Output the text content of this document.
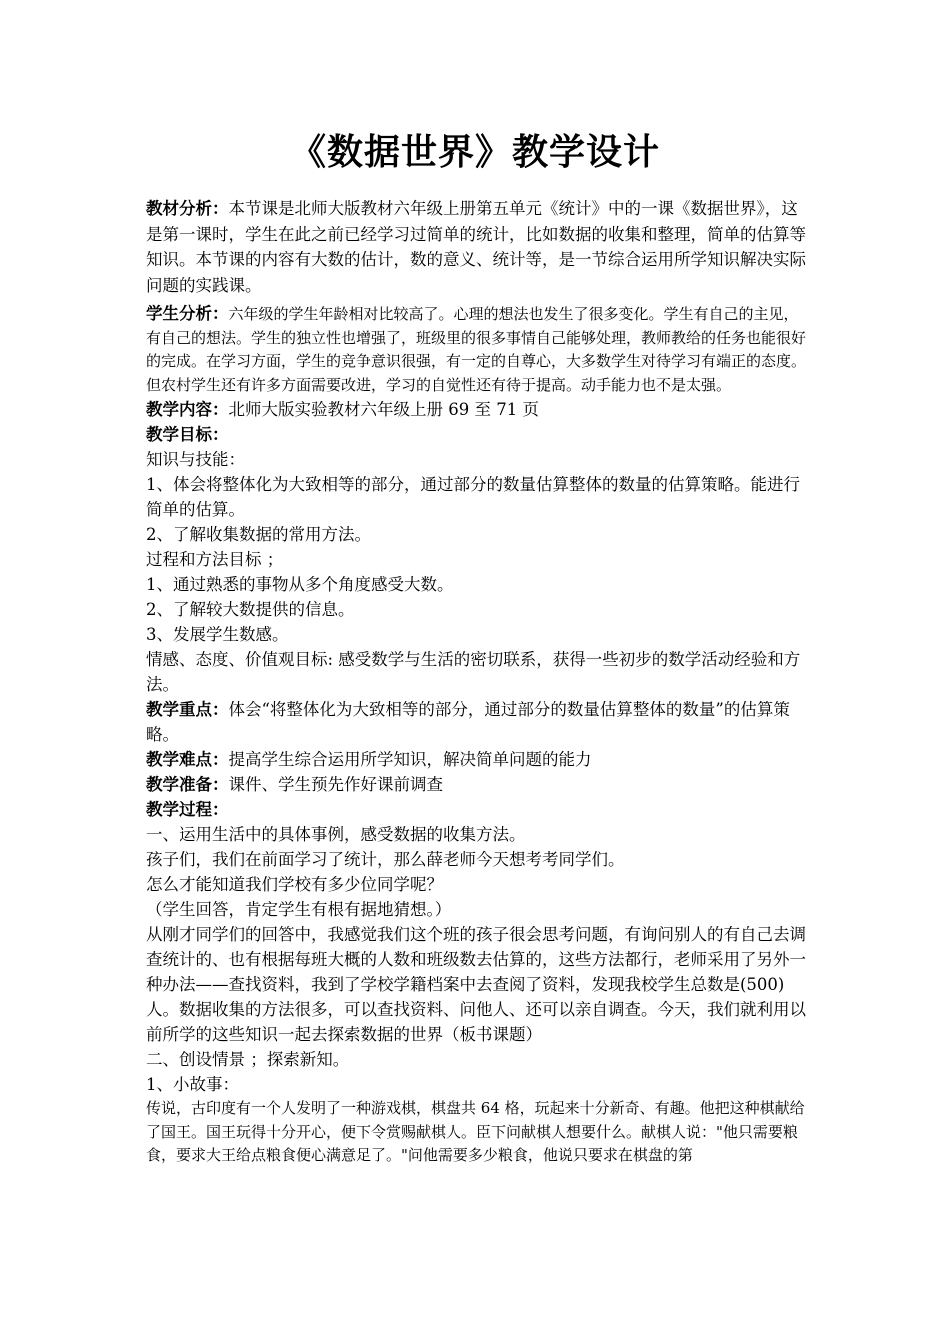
《数据世界》教学设计

教材分析：本节课是北师大版教材六年级上册第五单元《统计》中的一课《数据世界》，这是第一课时，学生在此之前已经学习过简单的统计，比如数据的收集和整理，简单的估算等知识。本节课的内容有大数的估计，数的意义、统计等，是一节综合运用所学知识解决实际问题的实践课。

学生分析：六年级的学生年龄相对比较高了。心理的想法也发生了很多变化。学生有自己的主见，有自己的想法。学生的独立性也增强了，班级里的很多事情自己能够处理，教师教给的任务也能很好的完成。在学习方面，学生的竞争意识很强，有一定的自尊心，大多数学生对待学习有端正的态度。但农村学生还有许多方面需要改进，学习的自觉性还有待于提高。动手能力也不是太强。

教学内容：北师大版实验教材六年级上册 69 至 71 页

教学目标：

知识与技能：

1、体会将整体化为大致相等的部分，通过部分的数量估算整体的数量的估算策略。能进行简单的估算。

2、了解收集数据的常用方法。

过程和方法目标 ；

1、通过熟悉的事物从多个角度感受大数。

2、了解较大数提供的信息。

3、发展学生数感。

情感、态度、价值观目标: 感受数学与生活的密切联系，获得一些初步的数学活动经验和方法。

教学重点：体会“将整体化为大致相等的部分，通过部分的数量估算整体的数量”的估算策略。

教学难点：提高学生综合运用所学知识，解决简单问题的能力

教学准备：课件、学生预先作好课前调查

教学过程：

一、运用生活中的具体事例，感受数据的收集方法。

孩子们，我们在前面学习了统计，那么薛老师今天想考考同学们。

怎么才能知道我们学校有多少位同学呢？

（学生回答，肯定学生有根有据地猜想。）

从刚才同学们的回答中，我感觉我们这个班的孩子很会思考问题，有询问别人的有自己去调查统计的、也有根据每班大概的人数和班级数去估算的，这些方法都行，老师采用了另外一种办法——查找资料，我到了学校学籍档案中去查阅了资料，发现我校学生总数是(500)人。数据收集的方法很多，可以查找资料、问他人、还可以亲自调查。今天，我们就利用以前所学的这些知识一起去探索数据的世界（板书课题）

二、创设情景 ；探索新知。

1、小故事：

传说，古印度有一个人发明了一种游戏棋，棋盘共 64 格，玩起来十分新奇、有趣。他把这种棋献给了国王。国王玩得十分开心，便下令赏赐献棋人。臣下问献棋人想要什么。献棋人说："他只需要粮食，要求大王给点粮食便心满意足了。"问他需要多少粮食，他说只要求在棋盘的第
